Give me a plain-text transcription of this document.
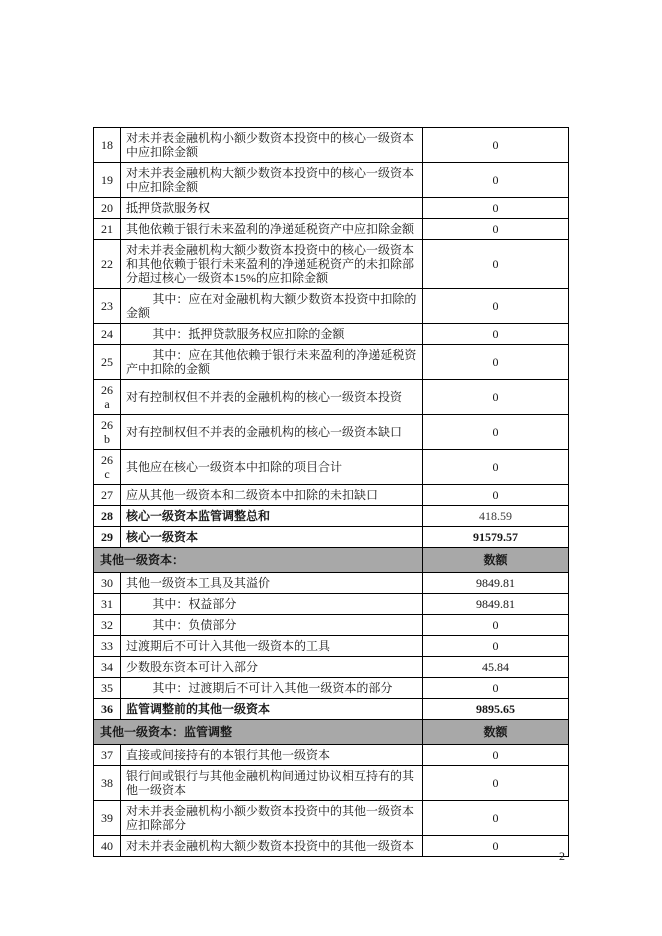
18	对未并表金融机构小额少数资本投资中的核心一级资本中应扣除金额	0
19	对未并表金融机构大额少数资本投资中的核心一级资本中应扣除金额	0
20	抵押贷款服务权	0
21	其他依赖于银行未来盈利的净递延税资产中应扣除金额	0
22	对未并表金融机构大额少数资本投资中的核心一级资本和其他依赖于银行未来盈利的净递延税资产的未扣除部分超过核心一级资本15%的应扣除金额	0
23	其中：应在对金融机构大额少数资本投资中扣除的金额	0
24	其中：抵押贷款服务权应扣除的金额	0
25	其中：应在其他依赖于银行未来盈利的净递延税资产中扣除的金额	0
26a	对有控制权但不并表的金融机构的核心一级资本投资	0
26b	对有控制权但不并表的金融机构的核心一级资本缺口	0
26c	其他应在核心一级资本中扣除的项目合计	0
27	应从其他一级资本和二级资本中扣除的未扣缺口	0
28	核心一级资本监管调整总和	418.59
29	核心一级资本	91579.57
其他一级资本：		数额
30	其他一级资本工具及其溢价	9849.81
31	其中：权益部分	9849.81
32	其中：负债部分	0
33	过渡期后不可计入其他一级资本的工具	0
34	少数股东资本可计入部分	45.84
35	其中：过渡期后不可计入其他一级资本的部分	0
36	监管调整前的其他一级资本	9895.65
其他一级资本：监管调整		数额
37	直接或间接持有的本银行其他一级资本	0
38	银行间或银行与其他金融机构间通过协议相互持有的其他一级资本	0
39	对未并表金融机构小额少数资本投资中的其他一级资本应扣除部分	0
40	对未并表金融机构大额少数资本投资中的其他一级资本	0
2
